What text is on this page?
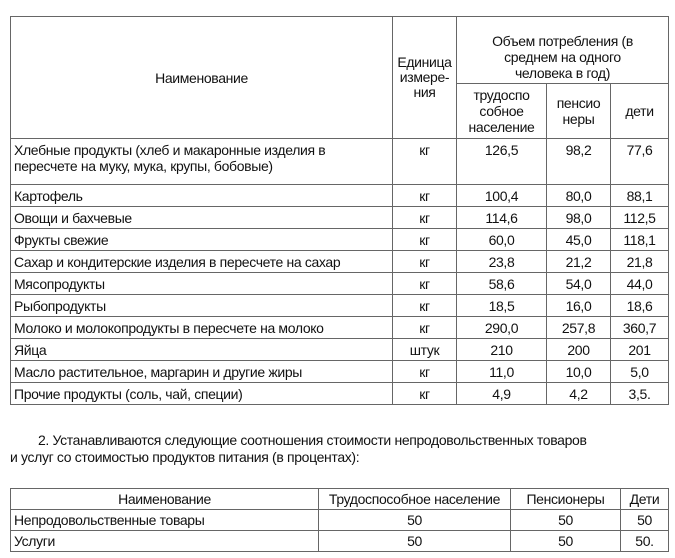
Наименование	Единица измере-ния	Объем потребления (в среднем на одного человека в год)		
		трудоспо собное население	пенсио неры	дети
Хлебные продукты (хлеб и макаронные изделия в пересчете на муку, мука, крупы, бобовые)	кг	126,5	98,2	77,6
Картофель	кг	100,4	80,0	88,1
Овощи и бахчевые	кг	114,6	98,0	112,5
Фрукты свежие	кг	60,0	45,0	118,1
Сахар и кондитерские изделия в пересчете на сахар	кг	23,8	21,2	21,8
Мясопродукты	кг	58,6	54,0	44,0
Рыбопродукты	кг	18,5	16,0	18,6
Молоко и молокопродукты в пересчете на молоко	кг	290,0	257,8	360,7
Яйца	штук	210	200	201
Масло растительное, маргарин и другие жиры	кг	11,0	10,0	5,0
Прочие продукты (соль, чай, специи)	кг	4,9	4,2	3,5.
2. Устанавливаются следующие соотношения стоимости непродовольственных товаров
и услуг со стоимостью продуктов питания (в процентах):
Наименование	Трудоспособное население	Пенсионеры	Дети
Непродовольственные товары	50	50	50
Услуги	50	50	50.
